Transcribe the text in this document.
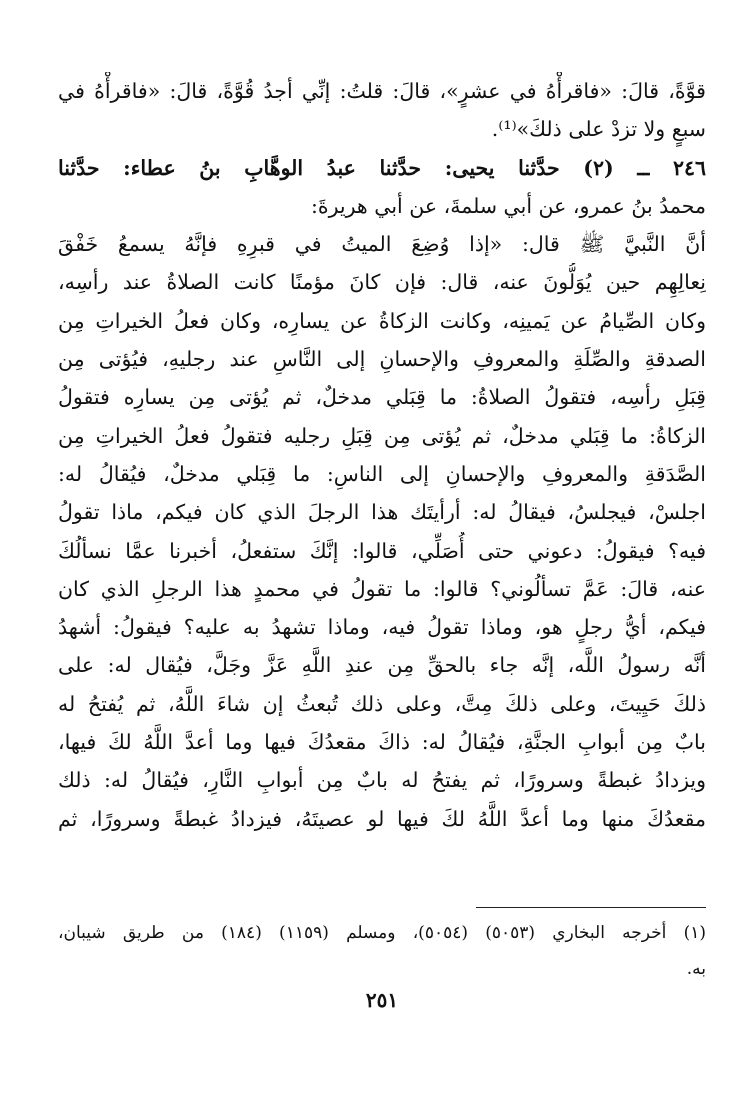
قوَّةً، قالَ: «فاقرأْهُ في عشرٍ»، قالَ: قلتُ: إنِّي أجدُ قُوَّةً، قالَ: «فاقرأْهُ في
سبعٍ ولا تزدْ على ذلكَ»⁽¹⁾.
٢٤٦ ــ (٢) حدَّثنا يحيى: حدَّثنا عبدُ الوهَّابِ بنُ عطاء: حدَّثنا
محمدُ بنُ عمرو، عن أبي سلمةَ، عن أبي هريرةَ:
أنَّ النَّبيَّ ﷺ قال: «إذا وُضِعَ الميتُ في قبرِهِ فإنَّهُ يسمعُ خَفْقَ
نِعالِهِم حين يُوَلُّونَ عنه، قال: فإن كانَ مؤمنًا كانت الصلاةُ عند رأسِه،
وكان الصِّيامُ عن يَمينِه، وكانت الزكاةُ عن يسارِه، وكان فعلُ الخيراتِ مِن
الصدقةِ والصِّلَةِ والمعروفِ والإحسانِ إلى النَّاسِ عند رجليهِ، فيُؤتى مِن
قِبَلِ رأسِه، فتقولُ الصلاةُ: ما قِبَلي مدخلٌ، ثم يُؤتى مِن يسارِه فتقولُ
الزكاةُ: ما قِبَلي مدخلٌ، ثم يُؤتى مِن قِبَلِ رجليه فتقولُ فعلُ الخيراتِ مِن
الصَّدَقةِ والمعروفِ والإحسانِ إلى الناسِ: ما قِبَلي مدخلٌ، فيُقالُ له:
اجلسْ، فيجلسُ، فيقالُ له: أرأيتَك هذا الرجلَ الذي كان فيكم، ماذا تقولُ
فيه؟ فيقولُ: دعوني حتى أُصَلِّي، قالوا: إنَّكَ ستفعلُ، أخبرنا عمَّا نسألُكَ
عنه، قالَ: عَمَّ تسألُوني؟ قالوا: ما تقولُ في محمدٍ هذا الرجلِ الذي كان
فيكم، أيُّ رجلٍ هو، وماذا تقولُ فيه، وماذا تشهدُ به عليه؟ فيقولُ: أشهدُ
أنَّه رسولُ اللَّه، إنَّه جاء بالحقِّ مِن عندِ اللَّهِ عَزَّ وجَلَّ، فيُقال له: على
ذلكَ حَيِيتَ، وعلى ذلكَ مِتَّ، وعلى ذلك تُبعثُ إن شاءَ اللَّهُ، ثم يُفتحُ له
بابٌ مِن أبوابِ الجنَّةِ، فيُقالُ له: ذاكَ مقعدُكَ فيها وما أعدَّ اللَّهُ لكَ فيها،
ويزدادُ غبطةً وسرورًا، ثم يفتحُ له بابٌ مِن أبوابِ النَّارِ، فيُقالُ له: ذلك
مقعدُكَ منها وما أعدَّ اللَّهُ لكَ فيها لو عصيتَهُ، فيزدادُ غبطةً وسرورًا، ثم
(١) أخرجه البخاري (٥٠٥٣) (٥٠٥٤)، ومسلم (١١٥٩) (١٨٤) من طريق شيبان،
به.
٢٥١
